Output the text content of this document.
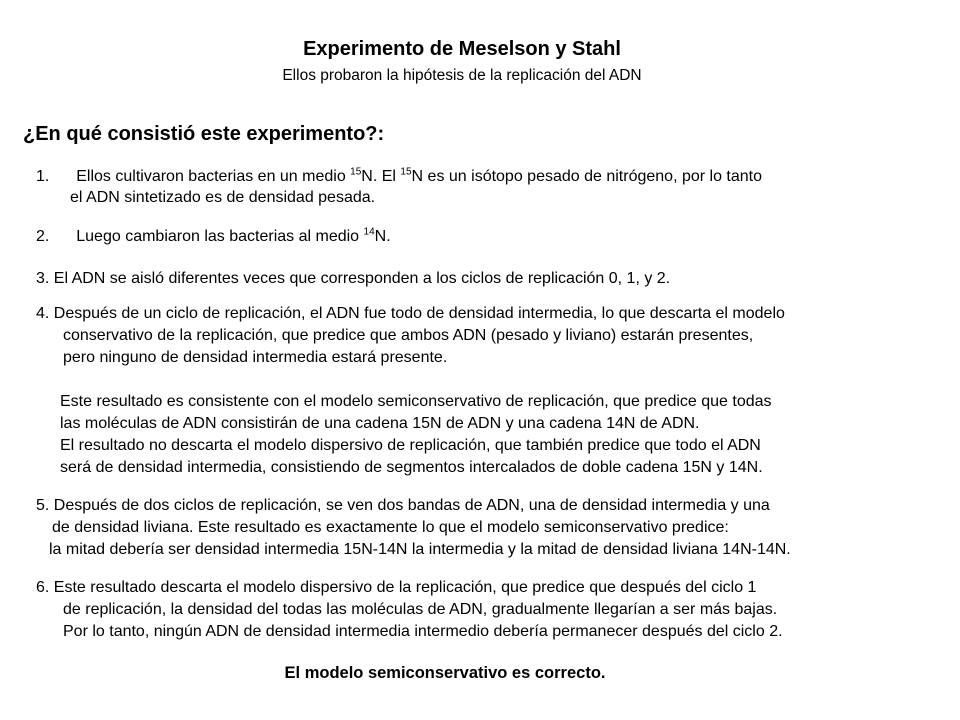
Experimento de Meselson y Stahl
Ellos probaron la hipótesis de la replicación del ADN
¿En qué consistió este experimento?:
1. Ellos cultivaron bacterias en un medio $^{15}$N. El $^{15}$N es un isótopo pesado de nitrógeno, por lo tanto
el ADN sintetizado es de densidad pesada.
2. Luego cambiaron las bacterias al medio $^{14}$N.
3. El ADN se aisló diferentes veces que corresponden a los ciclos de replicación 0, 1, y 2.
4. Después de un ciclo de replicación, el ADN fue todo de densidad intermedia, lo que descarta el modelo
conservativo de la replicación, que predice que ambos ADN (pesado y liviano) estarán presentes,
pero ninguno de densidad intermedia estará presente.
Este resultado es consistente con el modelo semiconservativo de replicación, que predice que todas
las moléculas de ADN consistirán de una cadena 15N de ADN y una cadena 14N de ADN.
El resultado no descarta el modelo dispersivo de replicación, que también predice que todo el ADN
será de densidad intermedia, consistiendo de segmentos intercalados de doble cadena 15N y 14N.
5. Después de dos ciclos de replicación, se ven dos bandas de ADN, una de densidad intermedia y una
de densidad liviana. Este resultado es exactamente lo que el modelo semiconservativo predice:
la mitad debería ser densidad intermedia 15N-14N la intermedia y la mitad de densidad liviana 14N-14N.
6. Este resultado descarta el modelo dispersivo de la replicación, que predice que después del ciclo 1
de replicación, la densidad del todas las moléculas de ADN, gradualmente llegarían a ser más bajas.
Por lo tanto, ningún ADN de densidad intermedia intermedio debería permanecer después del ciclo 2.
El modelo semiconservativo es correcto.
